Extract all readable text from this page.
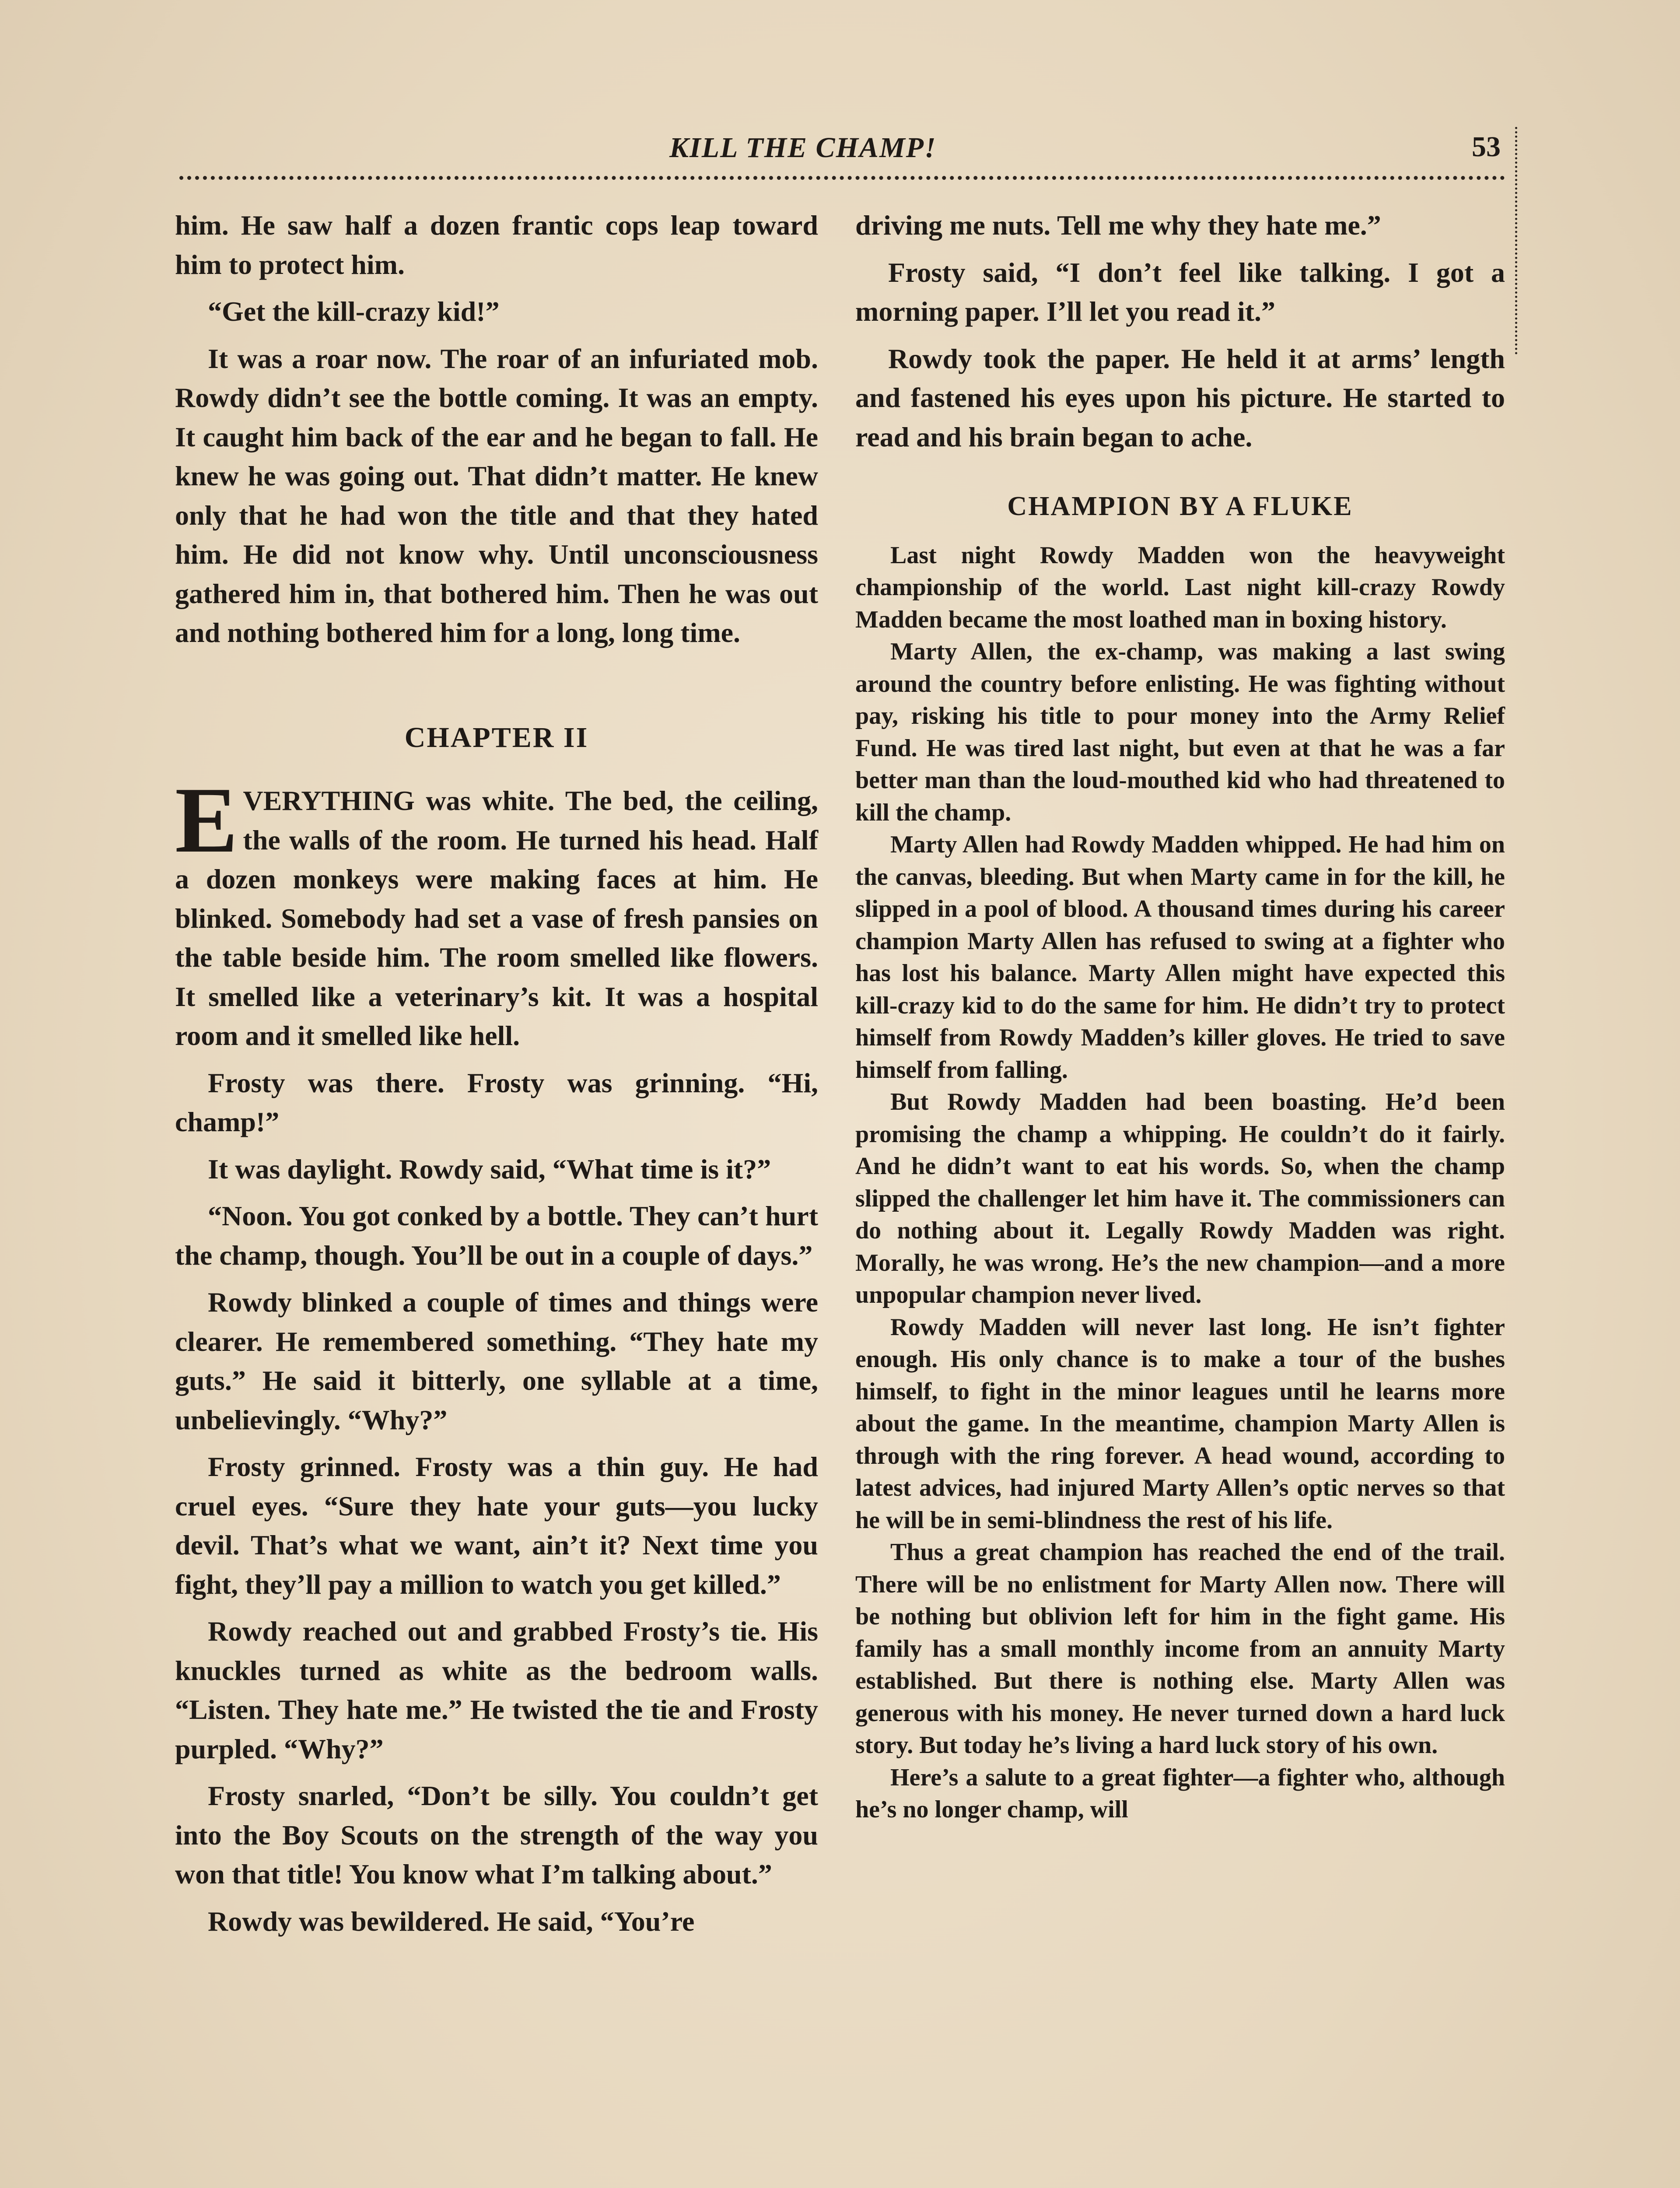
KILL THE CHAMP!	53

him. He saw half a dozen frantic cops leap toward him to protect him.

“Get the kill-crazy kid!”

It was a roar now. The roar of an infuriated mob. Rowdy didn’t see the bottle coming. It was an empty. It caught him back of the ear and he began to fall. He knew he was going out. That didn’t matter. He knew only that he had won the title and that they hated him. He did not know why. Until unconsciousness gathered him in, that bothered him. Then he was out and nothing bothered him for a long, long time.

CHAPTER II

EVERYTHING was white. The bed, the ceiling, the walls of the room. He turned his head. Half a dozen monkeys were making faces at him. He blinked. Somebody had set a vase of fresh pansies on the table beside him. The room smelled like flowers. It smelled like a veterinary’s kit. It was a hospital room and it smelled like hell.

Frosty was there. Frosty was grinning. “Hi, champ!”

It was daylight. Rowdy said, “What time is it?”

“Noon. You got conked by a bottle. They can’t hurt the champ, though. You’ll be out in a couple of days.”

Rowdy blinked a couple of times and things were clearer. He remembered something. “They hate my guts.” He said it bitterly, one syllable at a time, unbelievingly. “Why?”

Frosty grinned. Frosty was a thin guy. He had cruel eyes. “Sure they hate your guts—you lucky devil. That’s what we want, ain’t it? Next time you fight, they’ll pay a million to watch you get killed.”

Rowdy reached out and grabbed Frosty’s tie. His knuckles turned as white as the bedroom walls. “Listen. They hate me.” He twisted the tie and Frosty purpled. “Why?”

Frosty snarled, “Don’t be silly. You couldn’t get into the Boy Scouts on the strength of the way you won that title! You know what I’m talking about.”

Rowdy was bewildered. He said, “You’re

driving me nuts. Tell me why they hate me.”

Frosty said, “I don’t feel like talking. I got a morning paper. I’ll let you read it.”

Rowdy took the paper. He held it at arms’ length and fastened his eyes upon his picture. He started to read and his brain began to ache.

CHAMPION BY A FLUKE

Last night Rowdy Madden won the heavyweight championship of the world. Last night kill-crazy Rowdy Madden became the most loathed man in boxing history.

Marty Allen, the ex-champ, was making a last swing around the country before enlisting. He was fighting without pay, risking his title to pour money into the Army Relief Fund. He was tired last night, but even at that he was a far better man than the loud-mouthed kid who had threatened to kill the champ.

Marty Allen had Rowdy Madden whipped. He had him on the canvas, bleeding. But when Marty came in for the kill, he slipped in a pool of blood. A thousand times during his career champion Marty Allen has refused to swing at a fighter who has lost his balance. Marty Allen might have expected this kill-crazy kid to do the same for him. He didn’t try to protect himself from Rowdy Madden’s killer gloves. He tried to save himself from falling.

But Rowdy Madden had been boasting. He’d been promising the champ a whipping. He couldn’t do it fairly. And he didn’t want to eat his words. So, when the champ slipped the challenger let him have it. The commissioners can do nothing about it. Legally Rowdy Madden was right. Morally, he was wrong. He’s the new champion—and a more unpopular champion never lived.

Rowdy Madden will never last long. He isn’t fighter enough. His only chance is to make a tour of the bushes himself, to fight in the minor leagues until he learns more about the game. In the meantime, champion Marty Allen is through with the ring forever. A head wound, according to latest advices, had injured Marty Allen’s optic nerves so that he will be in semi-blindness the rest of his life.

Thus a great champion has reached the end of the trail. There will be no enlistment for Marty Allen now. There will be nothing but oblivion left for him in the fight game. His family has a small monthly income from an annuity Marty established. But there is nothing else. Marty Allen was generous with his money. He never turned down a hard luck story. But today he’s living a hard luck story of his own.

Here’s a salute to a great fighter—a fighter who, although he’s no longer champ, will
